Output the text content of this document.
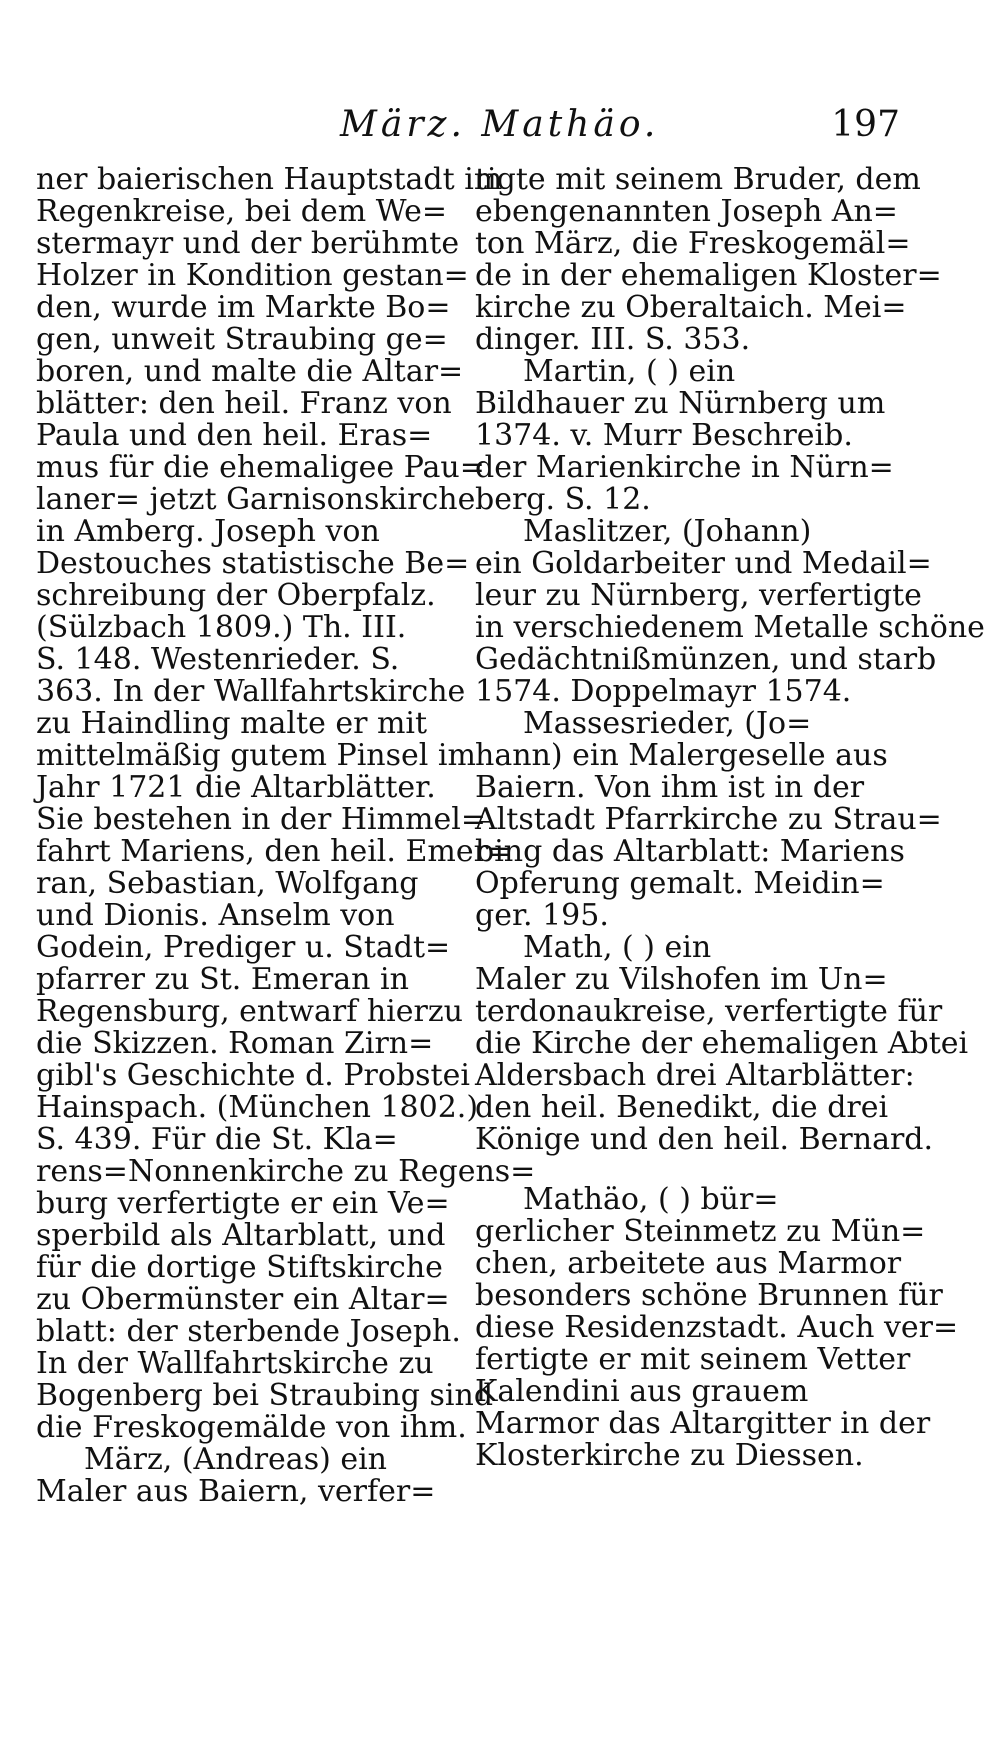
März. Mathäo.	197
ner baierischen Hauptstadt im
Regenkreise, bei dem We=
stermayr und der berühmte
Holzer in Kondition gestan=
den, wurde im Markte Bo=
gen, unweit Straubing ge=
boren, und malte die Altar=
blätter: den heil. Franz von
Paula und den heil. Eras=
mus für die ehemaligee Pau=
laner= jetzt Garnisonskirche
in Amberg. Joseph von
Destouches statistische Be=
schreibung der Oberpfalz.
(Sülzbach 1809.) Th. III.
S. 148. Westenrieder. S.
363. In der Wallfahrtskirche
zu Haindling malte er mit
mittelmäßig gutem Pinsel im
Jahr 1721 die Altarblätter.
Sie bestehen in der Himmel=
fahrt Mariens, den heil. Emer=
ran, Sebastian, Wolfgang
und Dionis. Anselm von
Godein, Prediger u. Stadt=
pfarrer zu St. Emeran in
Regensburg, entwarf hierzu
die Skizzen. Roman Zirn=
gibl's Geschichte d. Probstei
Hainspach. (München 1802.)
S. 439. Für die St. Kla=
rens=Nonnenkirche zu Regens=
burg verfertigte er ein Ve=
sperbild als Altarblatt, und
für die dortige Stiftskirche
zu Obermünster ein Altar=
blatt: der sterbende Joseph.
In der Wallfahrtskirche zu
Bogenberg bei Straubing sind
die Freskogemälde von ihm.
März, (Andreas) ein
Maler aus Baiern, verfer=
tigte mit seinem Bruder, dem
ebengenannten Joseph An=
ton März, die Freskogemäl=
de in der ehemaligen Kloster=
kirche zu Oberaltaich. Mei=
dinger. III. S. 353.
Martin, ( ) ein
Bildhauer zu Nürnberg um
1374. v. Murr Beschreib.
der Marienkirche in Nürn=
berg. S. 12.
Maslitzer, (Johann)
ein Goldarbeiter und Medail=
leur zu Nürnberg, verfertigte
in verschiedenem Metalle schöne
Gedächtnißmünzen, und starb
1574. Doppelmayr 1574.
Massesrieder, (Jo=
hann) ein Malergeselle aus
Baiern. Von ihm ist in der
Altstadt Pfarrkirche zu Strau=
bing das Altarblatt: Mariens
Opferung gemalt. Meidin=
ger. 195.
Math, ( ) ein
Maler zu Vilshofen im Un=
terdonaukreise, verfertigte für
die Kirche der ehemaligen Abtei
Aldersbach drei Altarblätter:
den heil. Benedikt, die drei
Könige und den heil. Bernard.
Mathäo, ( ) bür=
gerlicher Steinmetz zu Mün=
chen, arbeitete aus Marmor
besonders schöne Brunnen für
diese Residenzstadt. Auch ver=
fertigte er mit seinem Vetter
Kalendini aus grauem
Marmor das Altargitter in der
Klosterkirche zu Diessen.
